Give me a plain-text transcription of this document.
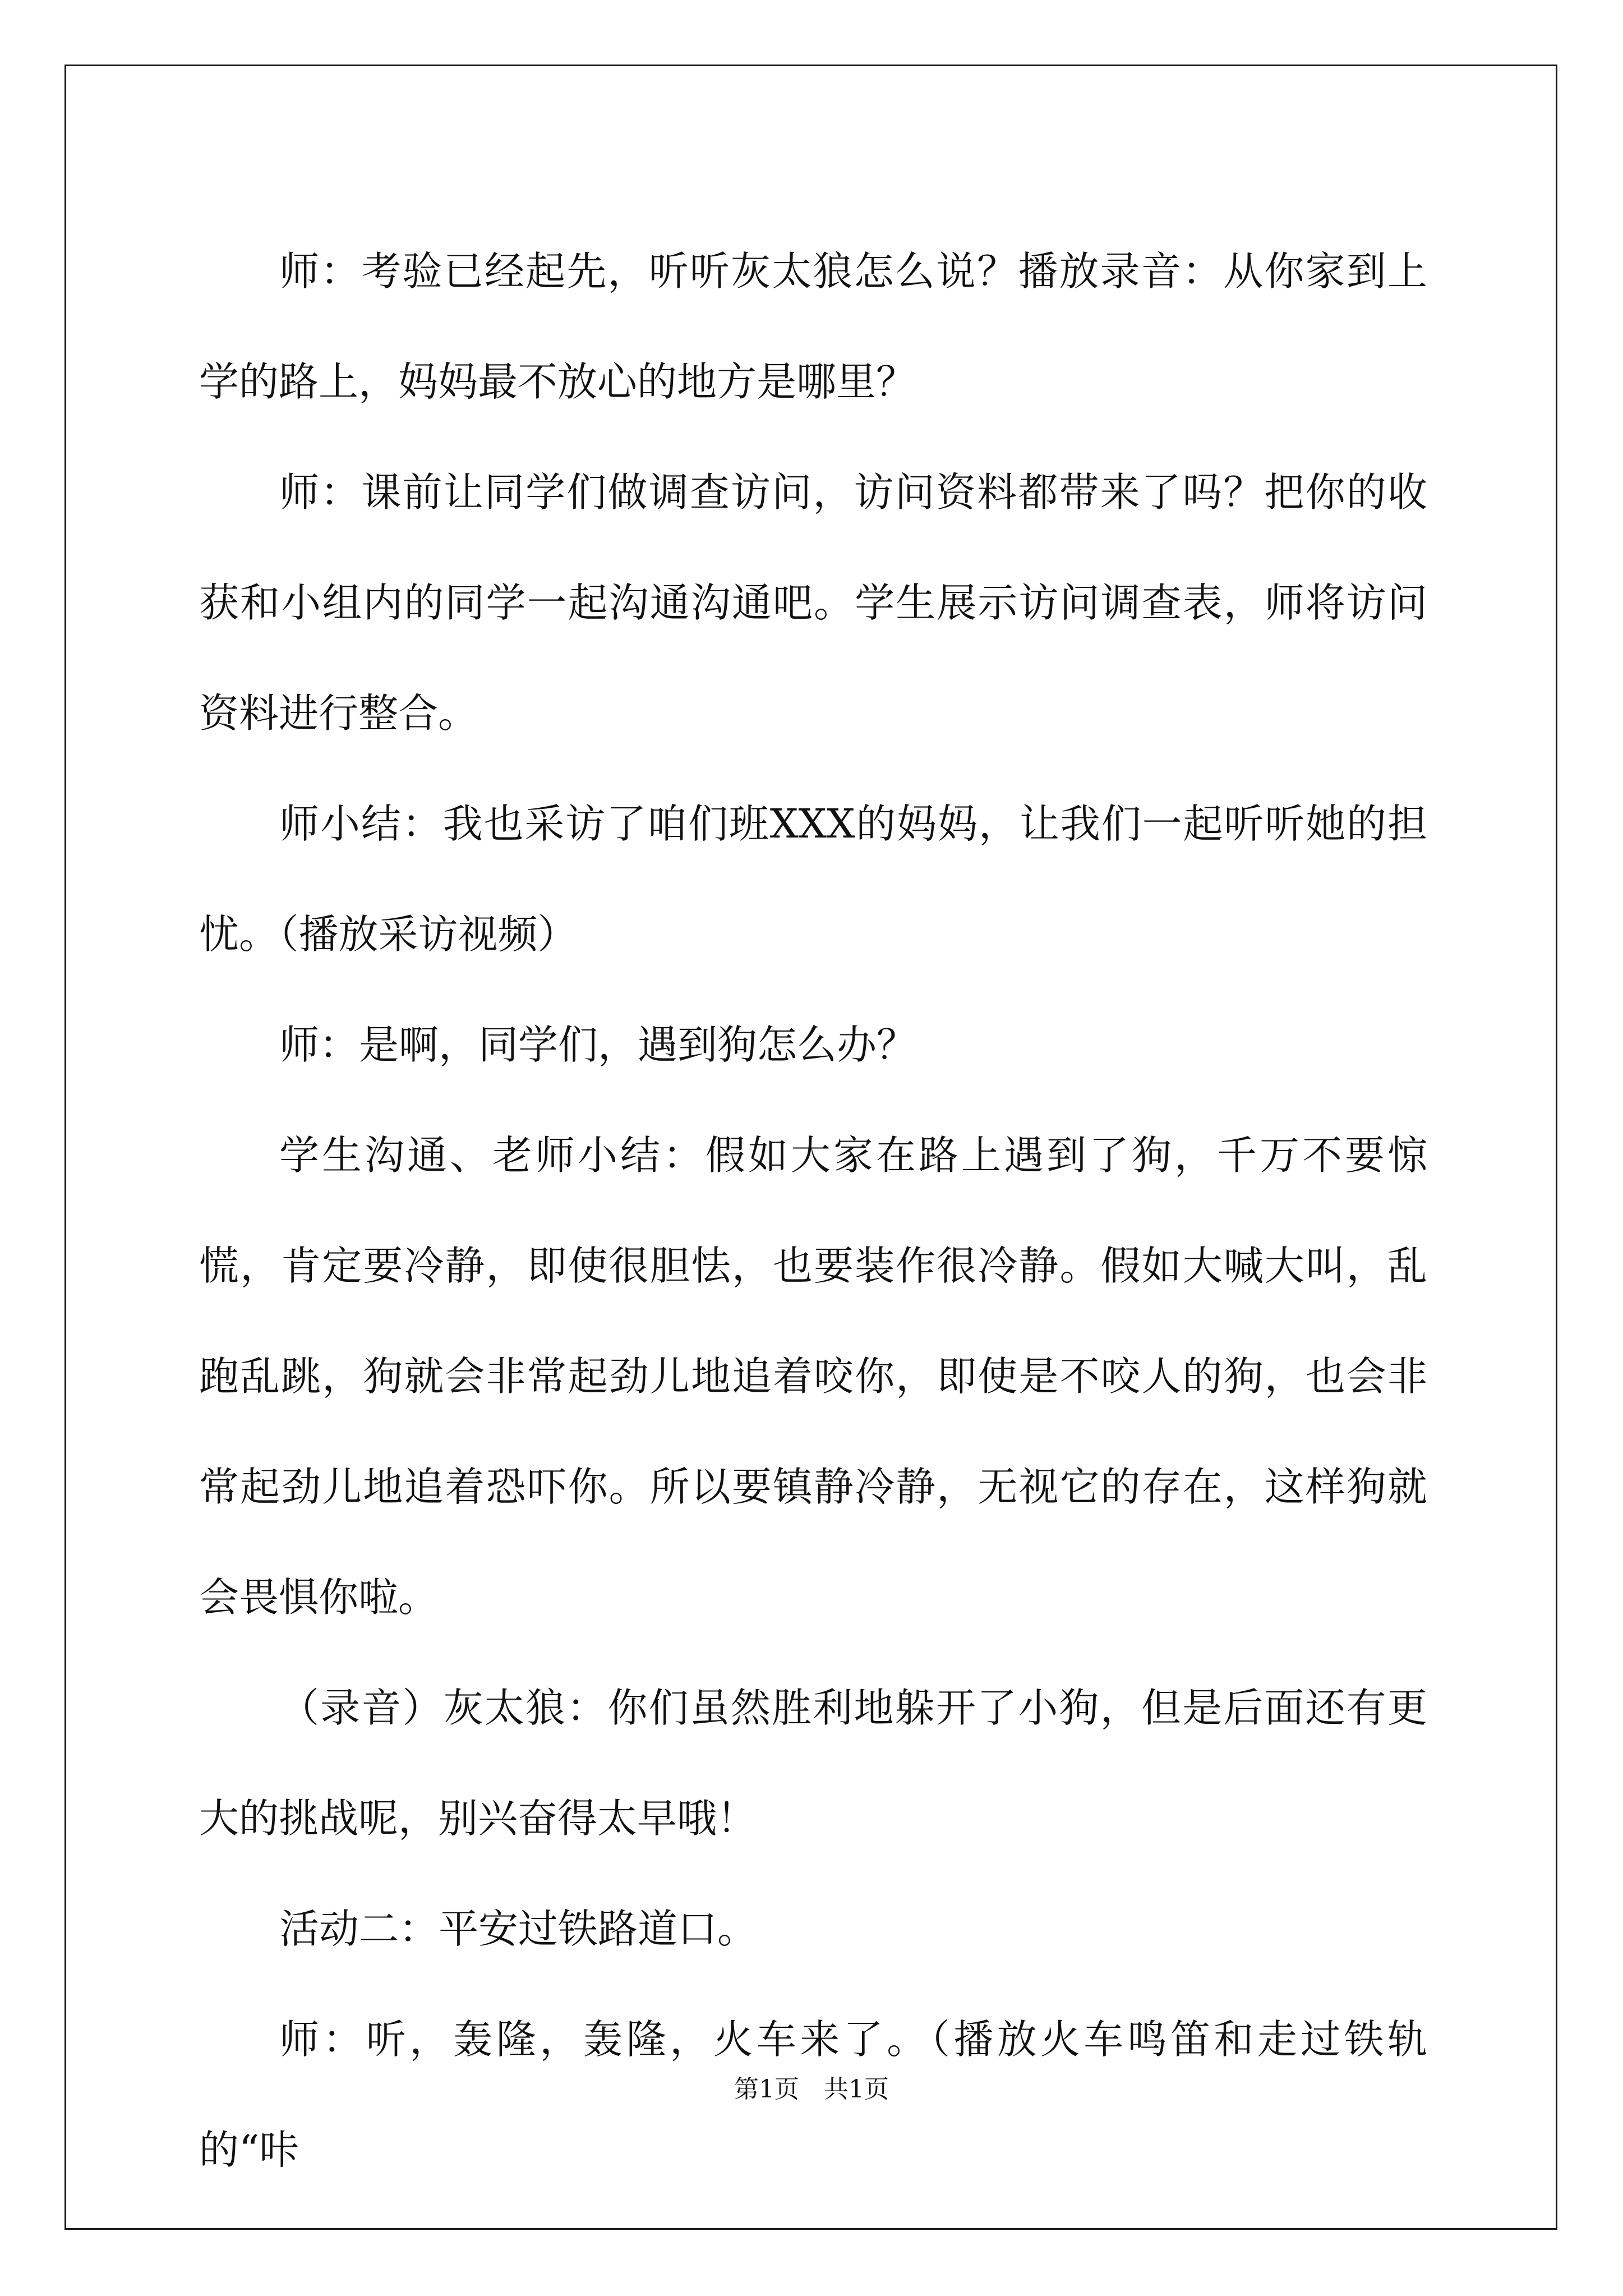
师：考验已经起先，听听灰太狼怎么说？播放录音：从你家到上学的路上，妈妈最不放心的地方是哪里？

师：课前让同学们做调查访问，访问资料都带来了吗？把你的收获和小组内的同学一起沟通沟通吧。学生展示访问调查表，师将访问资料进行整合。

师小结：我也采访了咱们班XXX的妈妈，让我们一起听听她的担忧。（播放采访视频）

师：是啊，同学们，遇到狗怎么办？

学生沟通、老师小结：假如大家在路上遇到了狗，千万不要惊慌，肯定要冷静，即使很胆怯，也要装作很冷静。假如大喊大叫，乱跑乱跳，狗就会非常起劲儿地追着咬你，即使是不咬人的狗，也会非常起劲儿地追着恐吓你。所以要镇静冷静，无视它的存在，这样狗就会畏惧你啦。

（录音）灰太狼：你们虽然胜利地躲开了小狗，但是后面还有更大的挑战呢，别兴奋得太早哦！

活动二：平安过铁路道口。

师：听，轰隆，轰隆，火车来了。（播放火车鸣笛和走过铁轨的“咔

第1页 共1页
